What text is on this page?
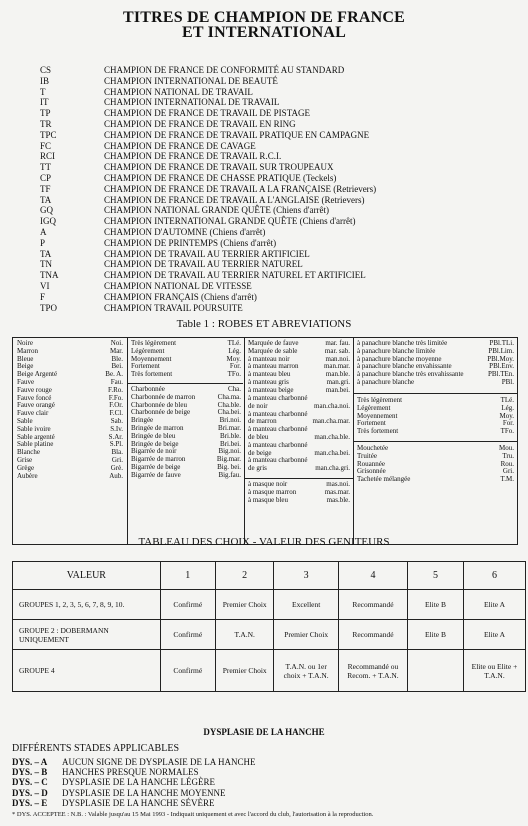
TITRES DE CHAMPION DE FRANCE
ET INTERNATIONAL
CS	CHAMPION DE FRANCE DE CONFORMITÉ AU STANDARD
IB	CHAMPION INTERNATIONAL DE BEAUTÉ
T	CHAMPION NATIONAL DE TRAVAIL
IT	CHAMPION INTERNATIONAL DE TRAVAIL
TP	CHAMPION DE FRANCE DE TRAVAIL DE PISTAGE
TR	CHAMPION DE FRANCE DE TRAVAIL EN RING
TPC	CHAMPION DE FRANCE DE TRAVAIL PRATIQUE EN CAMPAGNE
FC	CHAMPION DE FRANCE DE CAVAGE
RCI	CHAMPION DE FRANCE DE TRAVAIL R.C.I.
TT	CHAMPION DE FRANCE DE TRAVAIL SUR TROUPEAUX
CP	CHAMPION DE FRANCE DE CHASSE PRATIQUE (Teckels)
TF	CHAMPION DE FRANCE DE TRAVAIL A LA FRANÇAISE (Retrievers)
TA	CHAMPION DE FRANCE DE TRAVAIL A L'ANGLAISE (Retrievers)
GQ	CHAMPION NATIONAL GRANDE QUÊTE (Chiens d'arrêt)
IGQ	CHAMPION INTERNATIONAL GRANDE QUÊTE (Chiens d'arrêt)
A	CHAMPION D'AUTOMNE (Chiens d'arrêt)
P	CHAMPION DE PRINTEMPS (Chiens d'arrêt)
TA	CHAMPION DE TRAVAIL AU TERRIER ARTIFICIEL
TN	CHAMPION DE TRAVAIL AU TERRIER NATUREL
TNA	CHAMPION DE TRAVAIL AU TERRIER NATUREL ET ARTIFICIEL
VI	CHAMPION NATIONAL DE VITESSE
F	CHAMPION FRANÇAIS (Chiens d'arrêt)
TPO	CHAMPION TRAVAIL POURSUITE
Table 1 : ROBES ET ABREVIATIONS
Noire	Noi.
Marron	Mar.
Bleue	Ble.
Beige	Bei.
Beige Argenté	Be. A.
Fauve	Fau.
Fauve rouge	F.Ro.
Fauve foncé	F.Fo.
Fauve orangé	F.Or.
Fauve clair	F.Cl.
Sable	Sab.
Sable ivoire	S.Iv.
Sable argenté	S.Ar.
Sable platine	S.Pl.
Blanche	Bla.
Grise	Gri.
Grège	Grè.
Aubère	Aub.
Très légèrement	TLé.
Légèrement	Lég.
Moyennement	Moy.
Fortement	For.
Très fortement	TFo.
Charbonnée	Cha.
Charbonnée de marron	Cha.ma.
Charbonnée de bleu	Cha.ble.
Charbonnée de beige	Cha.bei.
Bringée	Bri.noi.
Bringée de marron	Bri.mar.
Bringée de bleu	Bri.ble.
Bringée de beige	Bri.bei.
Bigarrée de noir	Big.noi.
Bigarrée de marron	Big.mar.
Bigarrée de beige	Big. bei.
Bigarrée de fauve	Big.fau.
Marquée de fauve	mar. fau.
Marquée de sable	mar. sab.
à manteau noir	man.noi.
à manteau marron	man.mar.
à manteau bleu	man.ble.
à manteau gris	man.gri.
à manteau beige	man.bei.
à manteau charbonné
de noir	man.cha.noi.
à manteau charbonné
de marron	man.cha.mar.
à manteau charbonné
de bleu	man.cha.ble.
à manteau charbonné
de beige	man.cha.bei.
à manteau charbonné
de gris	man.cha.gri.
à masque noir	mas.noi.
à masque marron	mas.mar.
à masque bleu	mas.ble.
à panachure blanche très limitée	PBl.TLi.
à panachure blanche limitée	PBl.Lim.
à panachure blanche moyenne	PBl.Moy.
à panachure blanche envahissante	PBl.Env.
à panachure blanche très envahissante	PBl.TEn.
à panachure blanche	PBl.
Très légèrement	TLé.
Légèrement	Lég.
Moyennement	Moy.
Fortement	For.
Très fortement	TFo.
Mouchetée	Mou.
Truitée	Tru.
Rouannée	Rou.
Grisonnée	Gri.
Tachetée mélangée	T.M.
TABLEAU DES CHOIX - VALEUR DES GENITEURS
VALEUR	1	2	3	4	5	6
GROUPES 1, 2, 3, 5, 6, 7, 8, 9, 10.	Confirmé	Premier Choix	Excellent	Recommandé	Elite B	Elite A
GROUPE 2 : DOBERMANN UNIQUEMENT	Confirmé	T.A.N.	Premier Choix	Recommandé	Elite B	Elite A
GROUPE 4	Confirmé	Premier Choix	T.A.N. ou 1er choix + T.A.N.	Recommandé ou Recom. + T.A.N.		Elite ou Elite + T.A.N.
DYSPLASIE DE LA HANCHE
DIFFÉRENTS STADES APPLICABLES
DYS. – A	AUCUN SIGNE DE DYSPLASIE DE LA HANCHE
DYS. – B	HANCHES PRESQUE NORMALES
DYS. – C	DYSPLASIE DE LA HANCHE LÉGÈRE
DYS. – D	DYSPLASIE DE LA HANCHE MOYENNE
DYS. – E	DYSPLASIE DE LA HANCHE SÉVÈRE
* DYS. ACCEPTEE : N.B. : Valable jusqu'au 15 Mai 1993 - Indiquait uniquement et avec l'accord du club, l'autorisation à la reproduction.
